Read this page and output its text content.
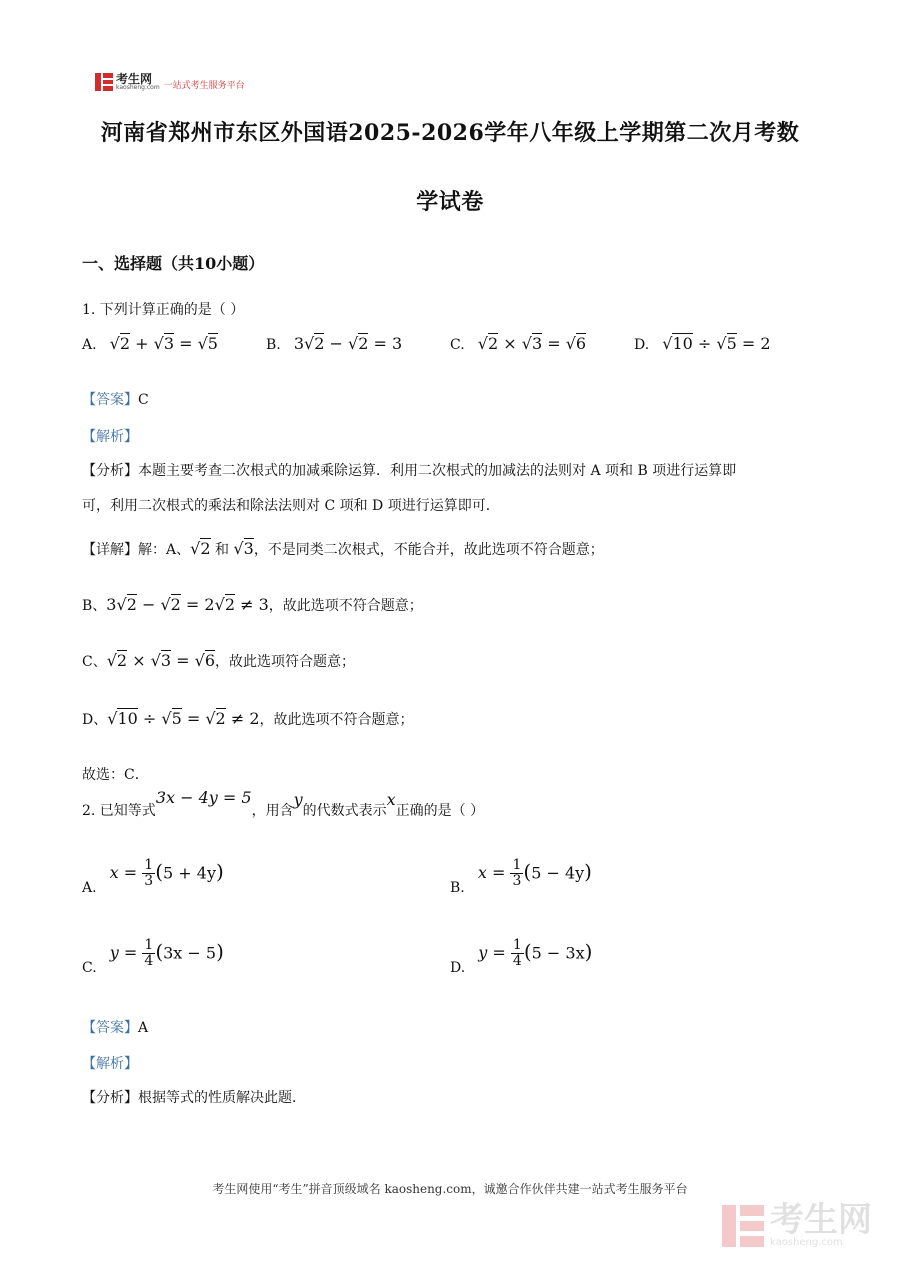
考生网
kaosheng.com 一站式考生服务平台
河南省郑州市东区外国语2025-2026学年八年级上学期第二次月考数
学试卷
一、选择题（共10小题）
1. 下列计算正确的是（ ）
A. √2 + √3 = √5	B. 3√2 − √2 = 3	C. √2 × √3 = √6	D. √10 ÷ √5 = 2
【答案】C
【解析】
【分析】本题主要考查二次根式的加减乘除运算．利用二次根式的加减法的法则对 A 项和 B 项进行运算即
可，利用二次根式的乘法和除法法则对 C 项和 D 项进行运算即可．
【详解】解：A、√2 和 √3，不是同类二次根式，不能合并，故此选项不符合题意；
B、3√2 − √2 = 2√2 ≠ 3，故此选项不符合题意；
C、√2 × √3 = √6，故此选项符合题意；
D、√10 ÷ √5 = √2 ≠ 2，故此选项不符合题意；
故选：C．
2. 已知等式3x − 4y = 5，用含y的代数式表示x正确的是（ ）
A. $x = \frac{1}{3} (5 + 4y)$
B. $x = \frac{1}{3} (5 - 4y)$
C. $y = \frac{1}{4} (3x - 5)$
D. $y = \frac{1}{4} (5 - 3x)$
【答案】A
【解析】
【分析】根据等式的性质解决此题．
考生网使用“考生”拼音顶级域名 kaosheng.com，诚邀合作伙伴共建一站式考生服务平台
考生网
kaosheng.com
